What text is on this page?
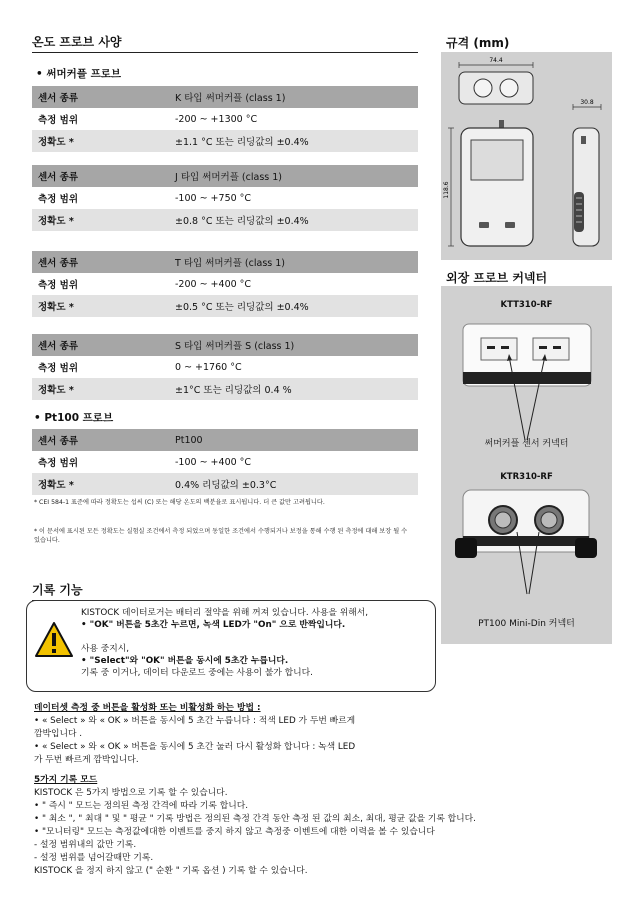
온도 프로브 사양
• 써머커플 프로브
센서 종류	K 타입 써머커플 (class 1)
측정 범위	-200 ~ +1300 °C
정확도 *	±1.1 °C 또는 리딩값의 ±0.4%
센서 종류	J 타입 써머커플 (class 1)
측정 범위	-100 ~ +750 °C
정확도 *	±0.8 °C 또는 리딩값의 ±0.4%
센서 종류	T 타입 써머커플 (class 1)
측정 범위	-200 ~ +400 °C
정확도 *	±0.5 °C 또는 리딩값의 ±0.4%
센서 종류	S 타입 써머커플 S (class 1)
측정 범위	0 ~ +1760 °C
정확도 *	±1°C 또는 리딩값의 0.4 %
• Pt100 프로브
센서 종류	Pt100
측정 범위	-100 ~ +400 °C
정확도 *	0.4% 리딩값의 ±0.3°C
* CEI 584-1 표준에 따라 정확도는 섭씨 (C) 또는 해당 온도의 백분율로 표시됩니다. 더 큰 값만 고려됩니다.
* 이 문서에 표시된 모든 정확도는 실험실 조건에서 측정 되었으며 동일한 조건에서 수행되거나 보정을 통해 수행 된 측정에 대해 보장 될 수 있습니다.
기록 기능
KISTOCK 데이터로거는 배터리 절약을 위해 꺼져 있습니다. 사용을 위해서,
• "OK" 버튼을 5초간 누르면, 녹색 LED가 "On" 으로 반짝입니다.
사용 중지시,
• "Select"와 "OK" 버튼을 동시에 5초간 누릅니다.
기록 중 이거나, 데이터 다운로드 중에는 사용이 불가 합니다.
데이터셋 측정 중 버튼을 활성화 또는 비활성화 하는 방법 :
• « Select » 와 « OK » 버튼을 동시에 5 초간 누릅니다 : 적색 LED 가 두번 빠르게
깜박입니다 .
• « Select » 와 « OK » 버튼을 동시에 5 초간 눌러 다시 활성화 합니다 : 녹색 LED
가 두번 빠르게 깜박입니다.
5가지 기록 모드
KISTOCK 은 5가지 방법으로 기록 할 수 있습니다.
• " 즉시 " 모드는 정의된 측정 간격에 따라 기록 합니다.
• " 최소 ", " 최대 " 및 " 평균 " 기록 방법은 정의된 측정 간격 동안 측정 된 값의 최소, 최대, 평균 값을 기록 합니다.
• "모니터링" 모드는 측정값에대한 이벤트를 중지 하지 않고 측정중 이벤트에 대한 이력을 볼 수 있습니다
- 설정 범위내의 값만 기록.
- 설정 범위를 넘어갈때만 기록.
KISTOCK 을 정지 하지 않고 (" 순환 " 기록 옵션 ) 기록 할 수 있습니다.
규격 (mm)
74.4
118.6
30.8
외장 프로브 커넥터
KTT310-RF
써머커플 센서 커넥터
KTR310-RF
PT100 Mini-Din 커넥터
